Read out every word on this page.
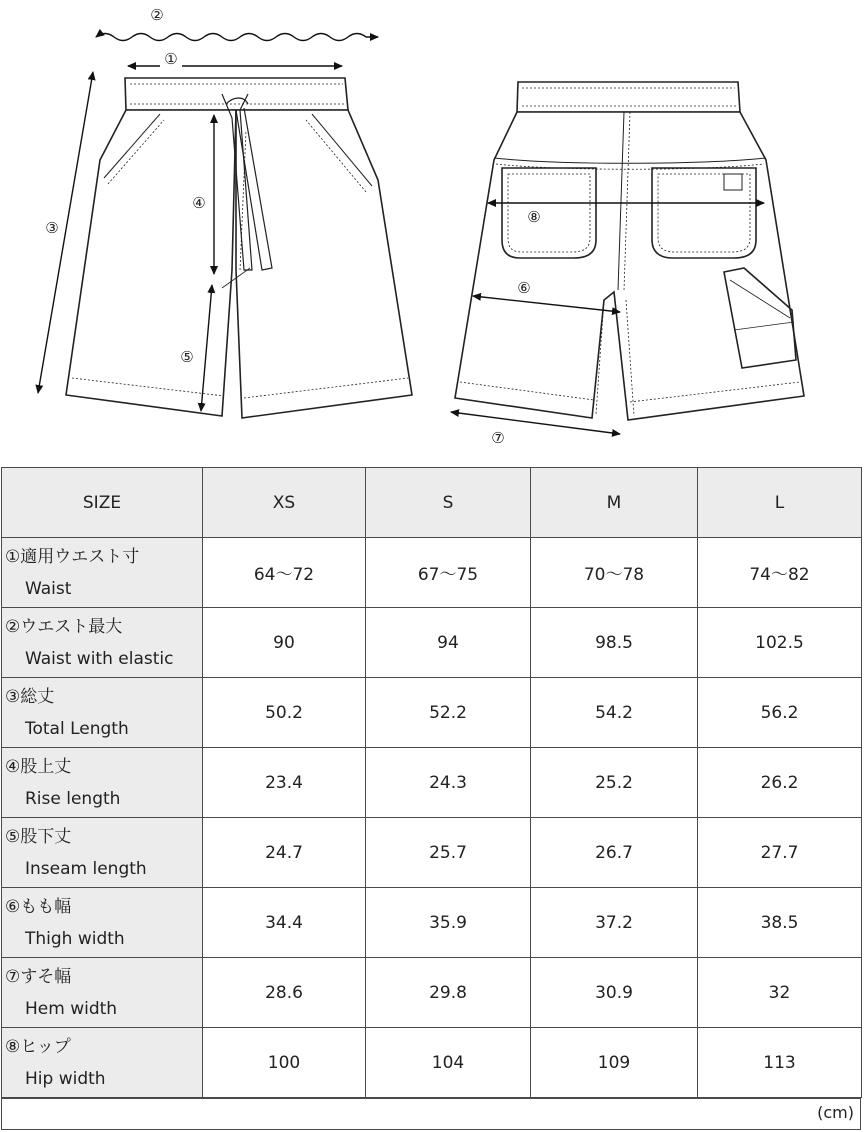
②
①
③
④
⑤
⑥
⑦
⑧
SIZE	XS	S	M	L

①適用ウエスト寸
Waist	64〜72	67〜75	70〜78	74〜82

②ウエスト最大
Waist with elastic	90	94	98.5	102.5

③総丈
Total Length	50.2	52.2	54.2	56.2

④股上丈
Rise length	23.4	24.3	25.2	26.2

⑤股下丈
Inseam length	24.7	25.7	26.7	27.7

⑥もも幅
Thigh width	34.4	35.9	37.2	38.5

⑦すそ幅
Hem width	28.6	29.8	30.9	32

⑧ヒップ
Hip width	100	104	109	113
(cm)
